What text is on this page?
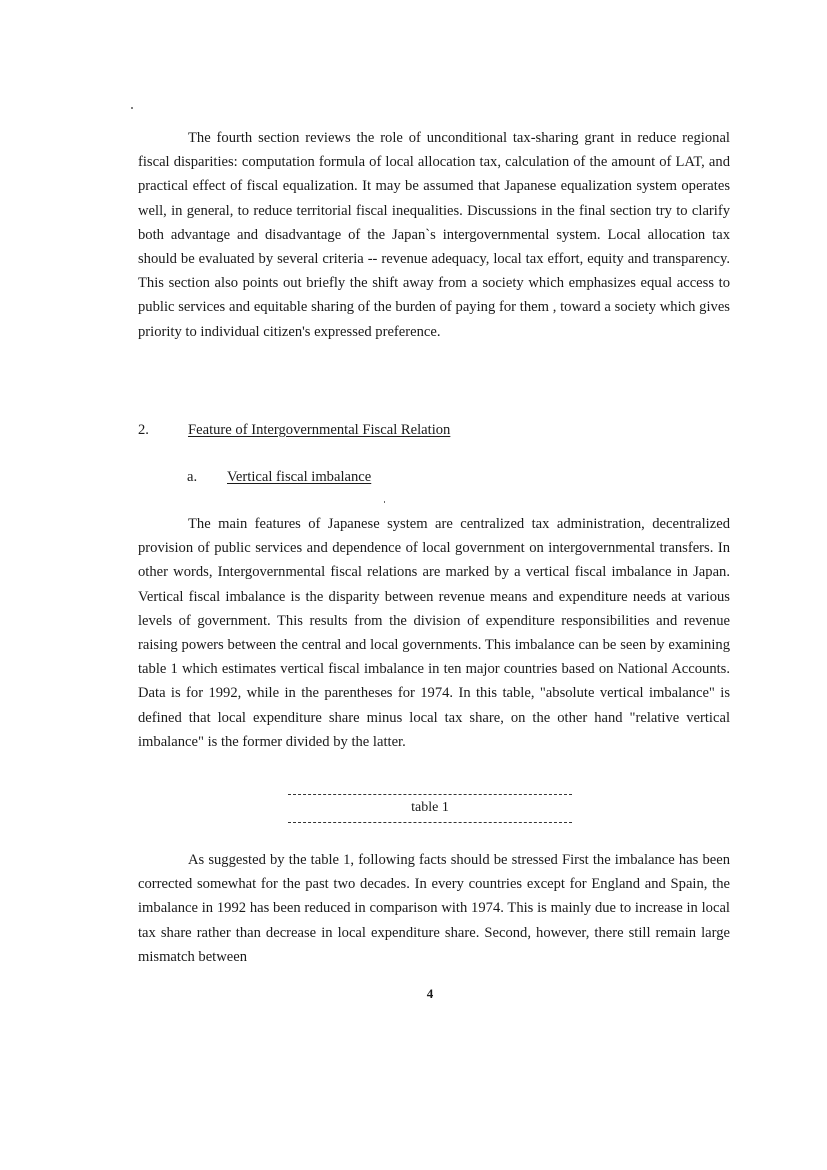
The fourth section reviews the role of unconditional tax-sharing grant in reduce regional fiscal disparities: computation formula of local allocation tax, calculation of the amount of LAT, and practical effect of fiscal equalization. It may be assumed that Japanese equalization system operates well, in general, to reduce territorial fiscal inequalities. Discussions in the final section try to clarify both advantage and disadvantage of the Japan`s intergovernmental system. Local allocation tax should be evaluated by several criteria -- revenue adequacy, local tax effort, equity and transparency. This section also points out briefly the shift away from a society which emphasizes equal access to public services and equitable sharing of the burden of paying for them , toward a society which gives priority to individual citizen's expressed preference.

2.	Feature of Intergovernmental Fiscal Relation
a. Vertical fiscal imbalance

The main features of Japanese system are centralized tax administration, decentralized provision of public services and dependence of local government on intergovernmental transfers. In other words, Intergovernmental fiscal relations are marked by a vertical fiscal imbalance in Japan. Vertical fiscal imbalance is the disparity between revenue means and expenditure needs at various levels of government. This results from the division of expenditure responsibilities and revenue raising powers between the central and local governments. This imbalance can be seen by examining table 1 which estimates vertical fiscal imbalance in ten major countries based on National Accounts. Data is for 1992, while in the parentheses for 1974. In this table, "absolute vertical imbalance" is defined that local expenditure share minus local tax share, on the other hand "relative vertical imbalance" is the former divided by the latter.

table 1

As suggested by the table 1, following facts should be stressed First the imbalance has been corrected somewhat for the past two decades. In every countries except for England and Spain, the imbalance in 1992 has been reduced in comparison with 1974. This is mainly due to increase in local tax share rather than decrease in local expenditure share. Second, however, there still remain large mismatch between

4
